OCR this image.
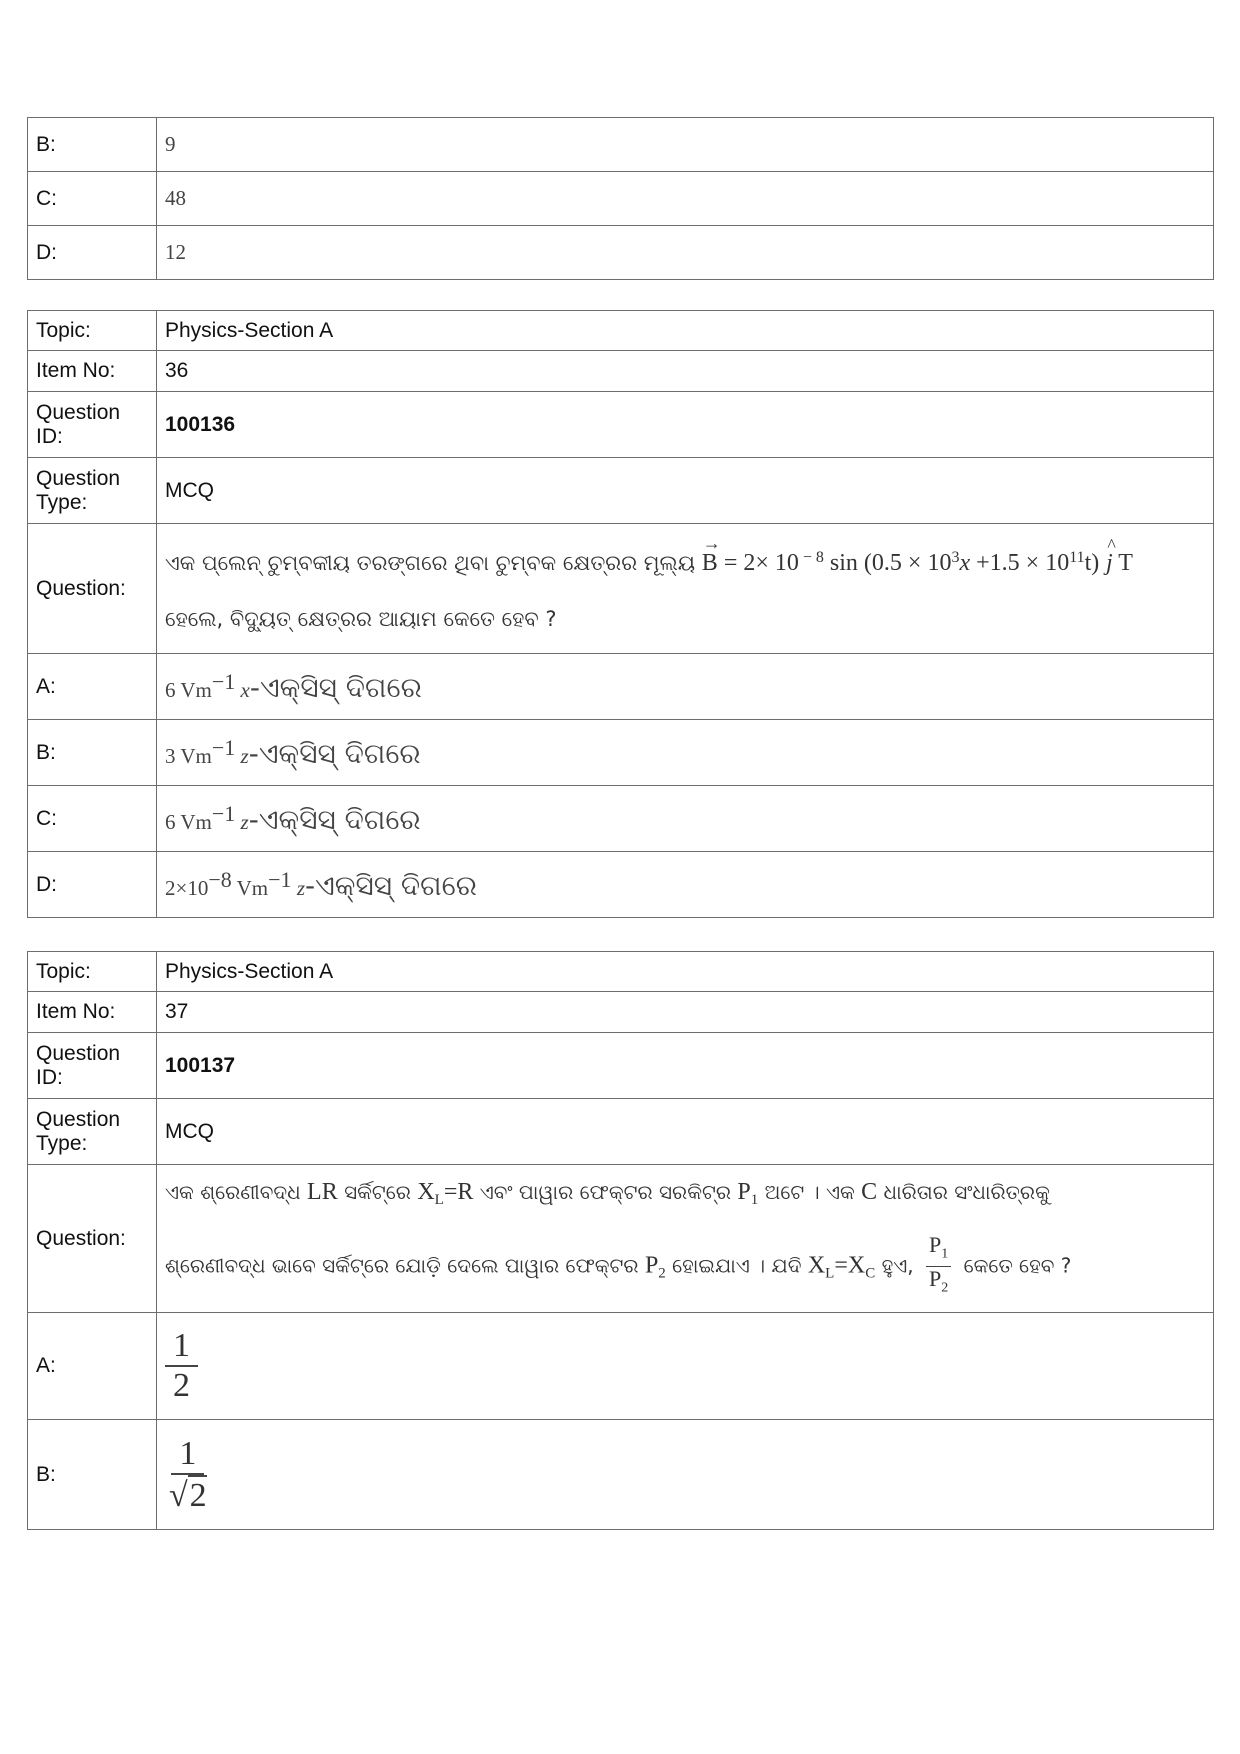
B:	9
C:	48
D:	12
Topic:	Physics-Section A
Item No:	36
Question ID:	100136
Question Type:	MCQ
Question:	ଏକ ପ୍ଲେନ୍ ଚୁମ୍ବକୀୟ ତରଙ୍ଗରେ ଥିବା ଚୁମ୍ବକ କ୍ଷେତ୍ରର ମୂଲ୍ୟ → B = 2× 10 $^{- 8}$ $\sin (0.5 \times 10^3x +1.5 \times 10^{11}t)$ ^ j T
ହେଲେ, ବିଦ୍ୟୁତ୍ କ୍ଷେତ୍ରର ଆୟାମ କେତେ ହେବ ?

A:	6 $Vm^{-1}$ x-ଏକ୍ସିସ୍ ଦିଗରେ
B:	3 $Vm^{-1}$ z-ଏକ୍ସିସ୍ ଦିଗରେ
C:	6 $Vm^{-1}$ z-ଏକ୍ସିସ୍ ଦିଗରେ
D:	$2\times 10^{-8}$ $Vm^{-1}$ z-ଏକ୍ସିସ୍ ଦିଗରେ
Topic:	Physics-Section A
Item No:	37
Question ID:	100137
Question Type:	MCQ
Question:	ଏକ ଶ୍ରେଣୀବଦ୍ଧ LR ସର୍କିଟ୍‌ରେ $X_L=R$ ଏବଂ ପାୱାର ଫେକ୍ଟର ସରକିଟ୍‌ର $P_1$ ଅଟେ । ଏକ C ଧାରିତାର ସଂଧାରିତ୍ରକୁ
ଶ୍ରେଣୀବଦ୍ଧ ଭାବେ ସର୍କିଟ୍‌ରେ ଯୋଡ଼ି ଦେଲେ ପାୱାର ଫେକ୍ଟର $P_2$ ହୋଇଯାଏ । ଯଦି $X_L=X_C$ ହୁଏ, $\frac{P_1}{P_2}$ କେତେ ହେବ ?

A:	$\frac{1}{2}$

B:	$\frac{1}{√2}$
